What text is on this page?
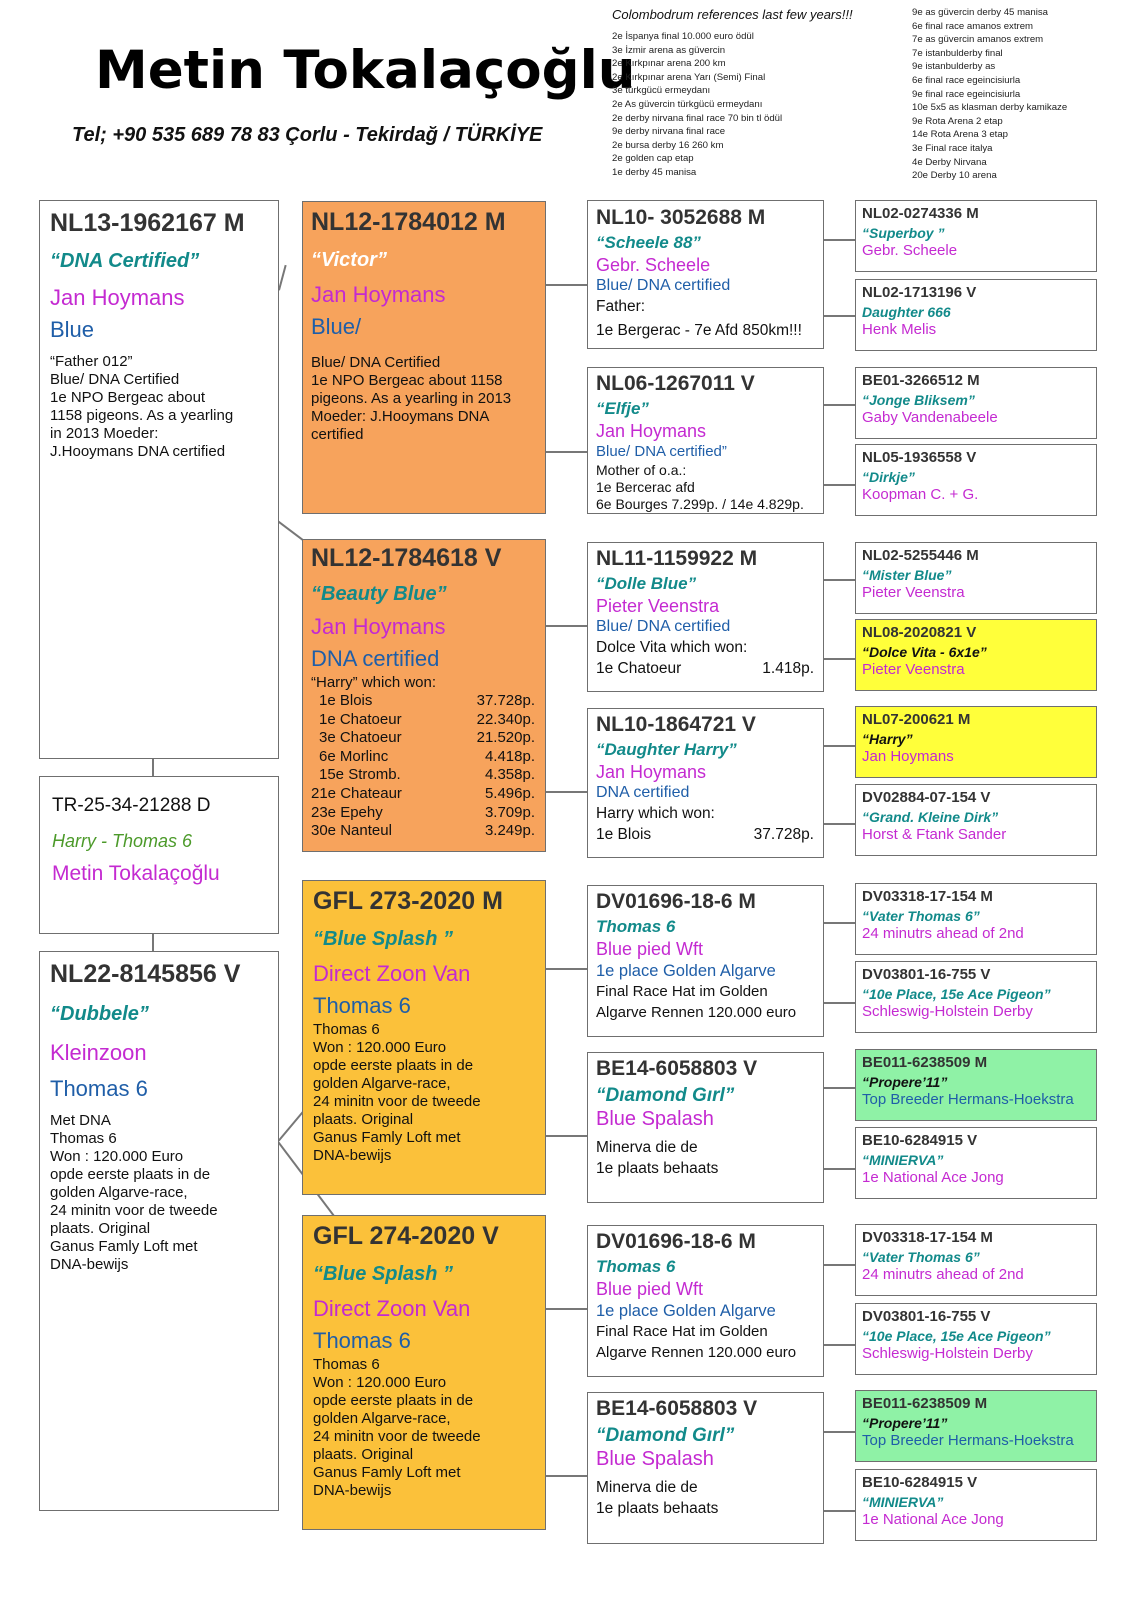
Metin Tokalaçoğlu
Tel; +90 535 689 78 83 Çorlu - Tekirdağ / TÜRKİYE
Colombodrum references last few years!!!
2e İspanya final 10.000 euro ödül
3e İzmir arena as güvercin
2e Kırkpınar arena 200 km
2e Kırkpınar arena Yarı (Semi) Final
3e türkgücü ermeydanı
2e As güvercin türkgücü ermeydanı
2e derby nirvana final race 70 bin tl ödül
9e derby nirvana final race
2e bursa derby 16 260 km
2e golden cap etap
1e derby 45 manisa
9e as güvercin derby 45 manisa
6e final race amanos extrem
7e as güvercin amanos extrem
7e istanbulderby final
9e istanbulderby as
6e final race egeincisiurla
9e final race egeincisiurla
10e 5x5 as klasman derby kamikaze
9e Rota Arena 2 etap
14e Rota Arena 3 etap
3e Final race italya
4e Derby Nirvana
20e Derby 10 arena
NL13-1962167 M
“DNA Certified”
Jan Hoymans
Blue
“Father 012”
Blue/ DNA Certified
1e NPO Bergeac about
1158 pigeons. As a yearling
in 2013 Moeder:
J.Hooymans DNA certified
TR-25-34-21288 D
Harry - Thomas 6
Metin Tokalaçoğlu
NL22-8145856 V
“Dubbele”
Kleinzoon
Thomas 6
Met DNA
Thomas 6
Won : 120.000 Euro
opde eerste plaats in de
golden Algarve-race,
24 minitn voor de tweede
plaats. Original
Ganus Famly Loft met
DNA-bewijs
NL12-1784012 M
“Victor”
Jan Hoymans
Blue/
Blue/ DNA Certified
1e NPO Bergeac about 1158
pigeons. As a yearling in 2013
Moeder: J.Hooymans DNA
certified
NL12-1784618 V
“Beauty Blue”
Jan Hoymans
DNA certified
“Harry” which won:
1e Blois	37.728p.
1e Chatoeur	22.340p.
3e Chatoeur	21.520p.
6e Morlinc	4.418p.
15e Stromb.	4.358p.
21e Chateaur	5.496p.
23e Epehy	3.709p.
30e Nanteul	3.249p.
GFL 273-2020 M
“Blue Splash ”
Direct Zoon Van
Thomas 6
Thomas 6
Won : 120.000 Euro
opde eerste plaats in de
golden Algarve-race,
24 minitn voor de tweede
plaats. Original
Ganus Famly Loft met
DNA-bewijs
GFL 274-2020 V
“Blue Splash ”
Direct Zoon Van
Thomas 6
Thomas 6
Won : 120.000 Euro
opde eerste plaats in de
golden Algarve-race,
24 minitn voor de tweede
plaats. Original
Ganus Famly Loft met
DNA-bewijs
NL10- 3052688 M
“Scheele 88”
Gebr. Scheele
Blue/ DNA certified
Father:
1e Bergerac - 7e Afd 850km!!!
NL06-1267011 V
“Elfje”
Jan Hoymans
Blue/ DNA certified”
Mother of o.a.:
1e Bercerac afd
6e Bourges 7.299p. / 14e 4.829p.
NL11-1159922 M
“Dolle Blue”
Pieter Veenstra
Blue/ DNA certified
Dolce Vita which won:
1e Chatoeur	1.418p.
NL10-1864721 V
“Daughter Harry”
Jan Hoymans
DNA certified
Harry which won:
1e Blois	37.728p.
DV01696-18-6 M
Thomas 6
Blue pied Wft
1e place Golden Algarve
Final Race Hat im Golden
Algarve Rennen 120.000 euro
BE14-6058803 V
“Dıamond Gırl”
Blue Spalash
Minerva die de
1e plaats behaats
DV01696-18-6 M
Thomas 6
Blue pied Wft
1e place Golden Algarve
Final Race Hat im Golden
Algarve Rennen 120.000 euro
BE14-6058803 V
“Dıamond Gırl”
Blue Spalash
Minerva die de
1e plaats behaats
NL02-0274336 M
“Superboy ”
Gebr. Scheele
NL02-1713196 V
Daughter 666
Henk Melis
BE01-3266512 M
“Jonge Bliksem”
Gaby Vandenabeele
NL05-1936558 V
“Dirkje”
Koopman C. + G.
NL02-5255446 M
“Mister Blue”
Pieter Veenstra
NL08-2020821 V
“Dolce Vita - 6x1e”
Pieter Veenstra
NL07-200621 M
“Harry”
Jan Hoymans
DV02884-07-154 V
“Grand. Kleine Dirk”
Horst & Ftank Sander
DV03318-17-154 M
“Vater Thomas 6”
24 minutrs ahead of 2nd
DV03801-16-755 V
“10e Place, 15e Ace Pigeon”
Schleswig-Holstein Derby
BE011-6238509 M
“Propere’11”
Top Breeder Hermans-Hoekstra
BE10-6284915 V
“MINIERVA”
1e National Ace Jong
DV03318-17-154 M
“Vater Thomas 6”
24 minutrs ahead of 2nd
DV03801-16-755 V
“10e Place, 15e Ace Pigeon”
Schleswig-Holstein Derby
BE011-6238509 M
“Propere’11”
Top Breeder Hermans-Hoekstra
BE10-6284915 V
“MINIERVA”
1e National Ace Jong
